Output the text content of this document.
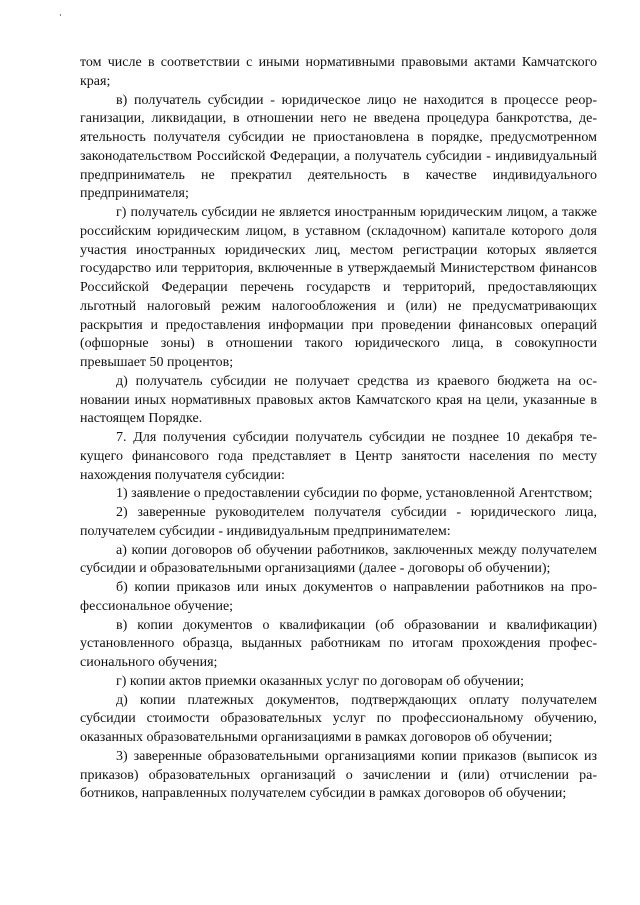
том числе в соответствии с иными нормативными правовыми актами Камчатского края;

в) получатель субсидии - юридическое лицо не находится в процессе реорганизации, ликвидации, в отношении него не введена процедура банкротства, деятельность получателя субсидии не приостановлена в порядке, предусмотренном законодательством Российской Федерации, а получатель субсидии - индивидуальный предприниматель не прекратил деятельность в качестве индивидуального предпринимателя;

г) получатель субсидии не является иностранным юридическим лицом, а также российским юридическим лицом, в уставном (складочном) капитале которого доля участия иностранных юридических лиц, местом регистрации которых является государство или территория, включенные в утверждаемый Министерством финансов Российской Федерации перечень государств и территорий, предоставляющих льготный налоговый режим налогообложения и (или) не предусматривающих раскрытия и предоставления информации при проведении финансовых операций (офшорные зоны) в отношении такого юридического лица, в совокупности превышает 50 процентов;

д) получатель субсидии не получает средства из краевого бюджета на основании иных нормативных правовых актов Камчатского края на цели, указанные в настоящем Порядке.

7. Для получения субсидии получатель субсидии не позднее 10 декабря текущего финансового года представляет в Центр занятости населения по месту нахождения получателя субсидии:

1) заявление о предоставлении субсидии по форме, установленной Агентством;

2) заверенные руководителем получателя субсидии - юридического лица, получателем субсидии - индивидуальным предпринимателем:

а) копии договоров об обучении работников, заключенных между получателем субсидии и образовательными организациями (далее - договоры об обучении);

б) копии приказов или иных документов о направлении работников на профессиональное обучение;

в) копии документов о квалификации (об образовании и квалификации) установленного образца, выданных работникам по итогам прохождения профессионального обучения;

г) копии актов приемки оказанных услуг по договорам об обучении;

д) копии платежных документов, подтверждающих оплату получателем субсидии стоимости образовательных услуг по профессиональному обучению, оказанных образовательными организациями в рамках договоров об обучении;

3) заверенные образовательными организациями копии приказов (выписок из приказов) образовательных организаций о зачислении и (или) отчислении работников, направленных получателем субсидии в рамках договоров об обучении;
